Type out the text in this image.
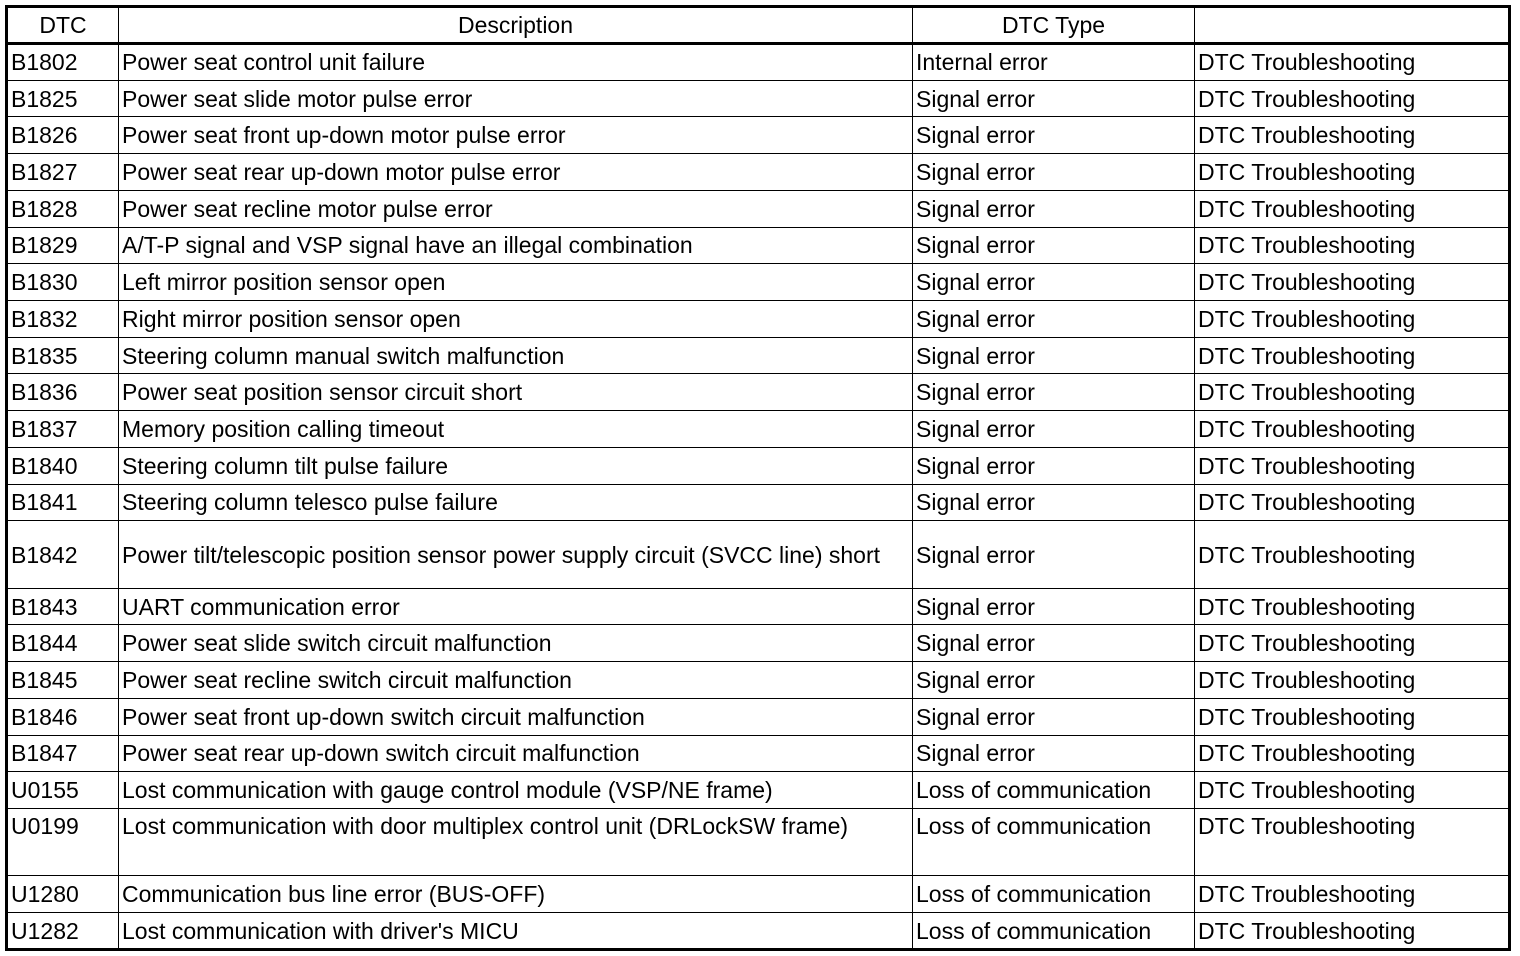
DTC	Description	DTC Type	
B1802	Power seat control unit failure	Internal error	DTC Troubleshooting
B1825	Power seat slide motor pulse error	Signal error	DTC Troubleshooting
B1826	Power seat front up-down motor pulse error	Signal error	DTC Troubleshooting
B1827	Power seat rear up-down motor pulse error	Signal error	DTC Troubleshooting
B1828	Power seat recline motor pulse error	Signal error	DTC Troubleshooting
B1829	A/T-P signal and VSP signal have an illegal combination	Signal error	DTC Troubleshooting
B1830	Left mirror position sensor open	Signal error	DTC Troubleshooting
B1832	Right mirror position sensor open	Signal error	DTC Troubleshooting
B1835	Steering column manual switch malfunction	Signal error	DTC Troubleshooting
B1836	Power seat position sensor circuit short	Signal error	DTC Troubleshooting
B1837	Memory position calling timeout	Signal error	DTC Troubleshooting
B1840	Steering column tilt pulse failure	Signal error	DTC Troubleshooting
B1841	Steering column telesco pulse failure	Signal error	DTC Troubleshooting
B1842	Power tilt/telescopic position sensor power supply circuit (SVCC line) short	Signal error	DTC Troubleshooting
B1843	UART communication error	Signal error	DTC Troubleshooting
B1844	Power seat slide switch circuit malfunction	Signal error	DTC Troubleshooting
B1845	Power seat recline switch circuit malfunction	Signal error	DTC Troubleshooting
B1846	Power seat front up-down switch circuit malfunction	Signal error	DTC Troubleshooting
B1847	Power seat rear up-down switch circuit malfunction	Signal error	DTC Troubleshooting
U0155	Lost communication with gauge control module (VSP/NE frame)	Loss of communication	DTC Troubleshooting
U0199	Lost communication with door multiplex control unit (DRLockSW frame)	Loss of communication	DTC Troubleshooting
U1280	Communication bus line error (BUS-OFF)	Loss of communication	DTC Troubleshooting
U1282	Lost communication with driver's MICU	Loss of communication	DTC Troubleshooting
